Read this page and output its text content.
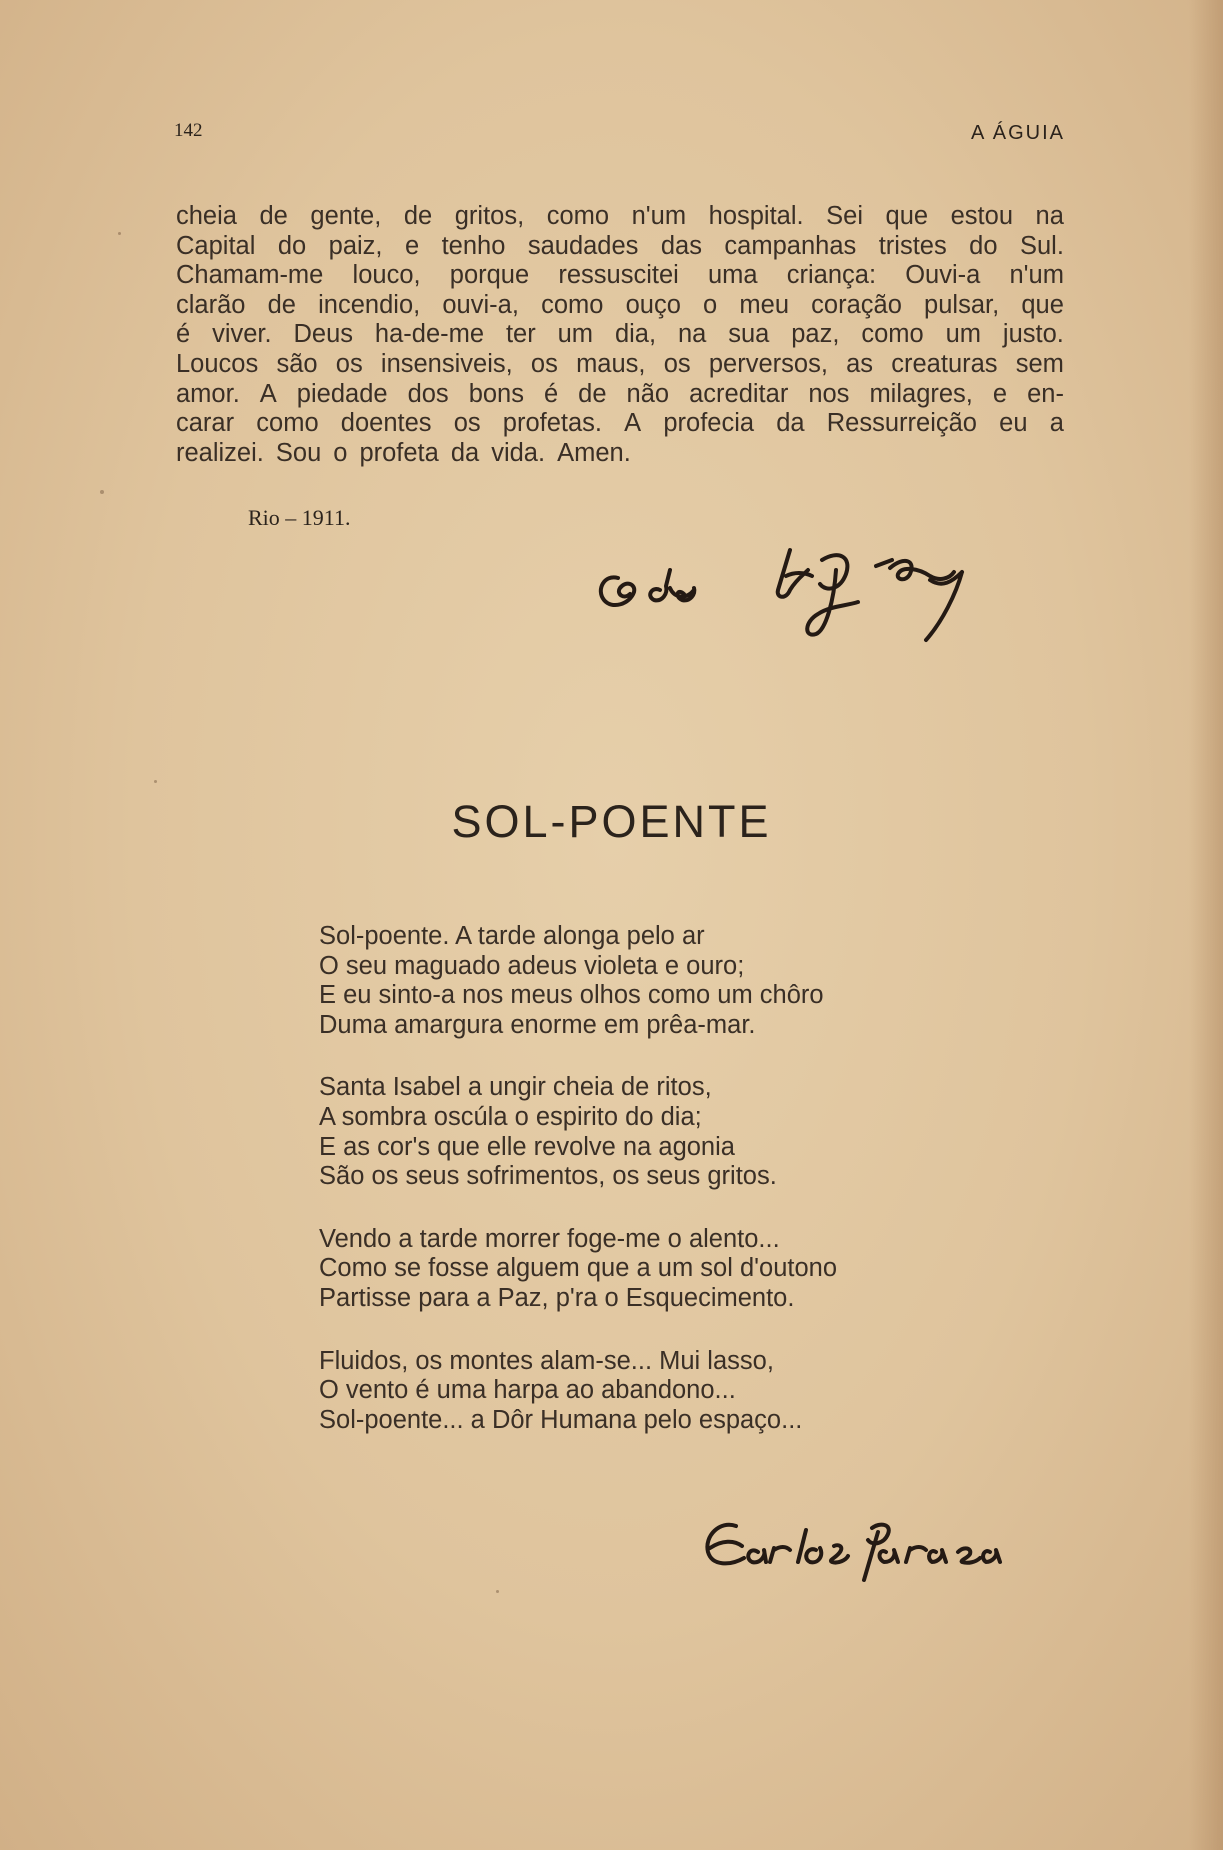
142	A ÁGUIA
cheia de gente, de gritos, como n'um hospital. Sei que estou na
Capital do paiz, e tenho saudades das campanhas tristes do Sul.
Chamam-me louco, porque ressuscitei uma criança: Ouvi-a n'um
clarão de incendio, ouvi-a, como ouço o meu coração pulsar, que
é viver. Deus ha-de-me ter um dia, na sua paz, como um justo.
Loucos são os insensiveis, os maus, os perversos, as creaturas sem
amor. A piedade dos bons é de não acreditar nos milagres, e en-
carar como doentes os profetas. A profecia da Ressurreição eu a
realizei. Sou o profeta da vida. Amen.
Rio – 1911.
SOL-POENTE
Sol-poente. A tarde alonga pelo ar
O seu maguado adeus violeta e ouro;
E eu sinto-a nos meus olhos como um chôro
Duma amargura enorme em prêa-mar.
Santa Isabel a ungir cheia de ritos,
A sombra oscúla o espirito do dia;
E as cor's que elle revolve na agonia
São os seus sofrimentos, os seus gritos.
Vendo a tarde morrer foge-me o alento...
Como se fosse alguem que a um sol d'outono
Partisse para a Paz, p'ra o Esquecimento.
Fluidos, os montes alam-se... Mui lasso,
O vento é uma harpa ao abandono...
Sol-poente... a Dôr Humana pelo espaço...
